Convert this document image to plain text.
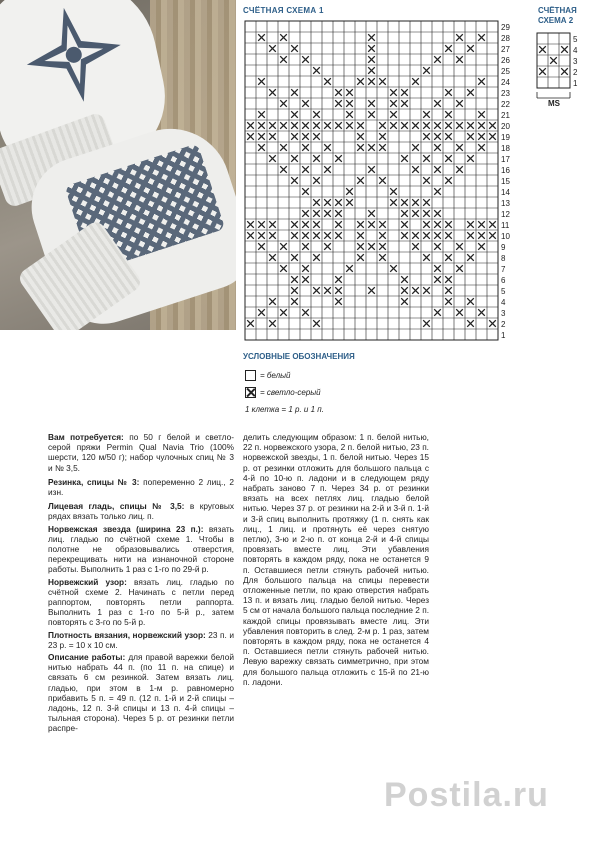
СЧЁТНАЯ СХЕМА 1
29
28
27
26
25
24
23
22
21
20
19
18
17
16
15
14
13
12
11
10
9
8
7
6
5
4
3
2
1
СЧЁТНАЯ
СХЕМА 2
5
4
3
2
1
MS
УСЛОВНЫЕ ОБОЗНАЧЕНИЯ
= белый
= светло-серый
1 клетка = 1 р. и 1 п.

Вам потребуется: по 50 г белой и светло-серой пряжи Permin Qual Navia Trio (100% шерсти, 120 м/50 г); набор чулочных спиц № 3 и № 3,5.

Резинка, спицы № 3: попеременно 2 лиц., 2 изн.

Лицевая гладь, спицы № 3,5: в круговых рядах вязать только лиц. п.

Норвежская звезда (ширина 23 п.): вязать лиц. гладью по счётной схеме 1. Чтобы в полотне не образовывались отверстия, перекрещивать нити на изнаночной стороне работы. Выполнить 1 раз с 1-го по 29-й р.

Норвежский узор: вязать лиц. гладью по счётной схеме 2. Начинать с петли перед раппортом, повторять петли раппорта. Выполнить 1 раз с 1-го по 5-й р., затем повторять с 3-го по 5-й р.

Плотность вязания, норвежский узор: 23 п. и 23 р. = 10 х 10 см.

Описание работы: для правой варежки белой нитью набрать 44 п. (по 11 п. на спице) и связать 6 см резинкой. Затем вязать лиц. гладью, при этом в 1-м р. равномерно прибавить 5 п. = 49 п. (12 п. 1-й и 2-й спицы – ладонь, 12 п. 3-й спицы и 13 п. 4-й спицы – тыльная сторона). Через 5 р. от резинки петли распре-

делить следующим образом: 1 п. белой нитью, 22 п. норвежского узора, 2 п. белой нитью, 23 п. норвежской звезды, 1 п. белой нитью. Через 15 р. от резинки отложить для большого пальца с 4-й по 10-ю п. ладони и в следующем ряду набрать заново 7 п. Через 34 р. от резинки вязать на всех петлях лиц. гладью белой нитью. Через 37 р. от резинки на 2-й и 3-й п. 1-й и 3-й спиц выполнить протяжку (1 п. снять как лиц., 1 лиц. и протянуть её через снятую петлю), 3-ю и 2-ю п. от конца 2-й и 4-й спицы провязать вместе лиц. Эти убавления повторять в каждом ряду, пока не останется 9 п. Оставшиеся петли стянуть рабочей нитью. Для большого пальца на спицы перевести отложенные петли, по краю отверстия набрать 13 п. и вязать лиц. гладью белой нитью. Через 5 см от начала большого пальца последние 2 п. каждой спицы провязывать вместе лиц. Эти убавления повторить в след. 2-м р. 1 раз, затем повторять в каждом ряду, пока не останется 4 п. Оставшиеся петли стянуть рабочей нитью. Левую варежку связать симметрично, при этом для большого пальца отложить с 15-й по 21-ю п. ладони.

Postila.ru
